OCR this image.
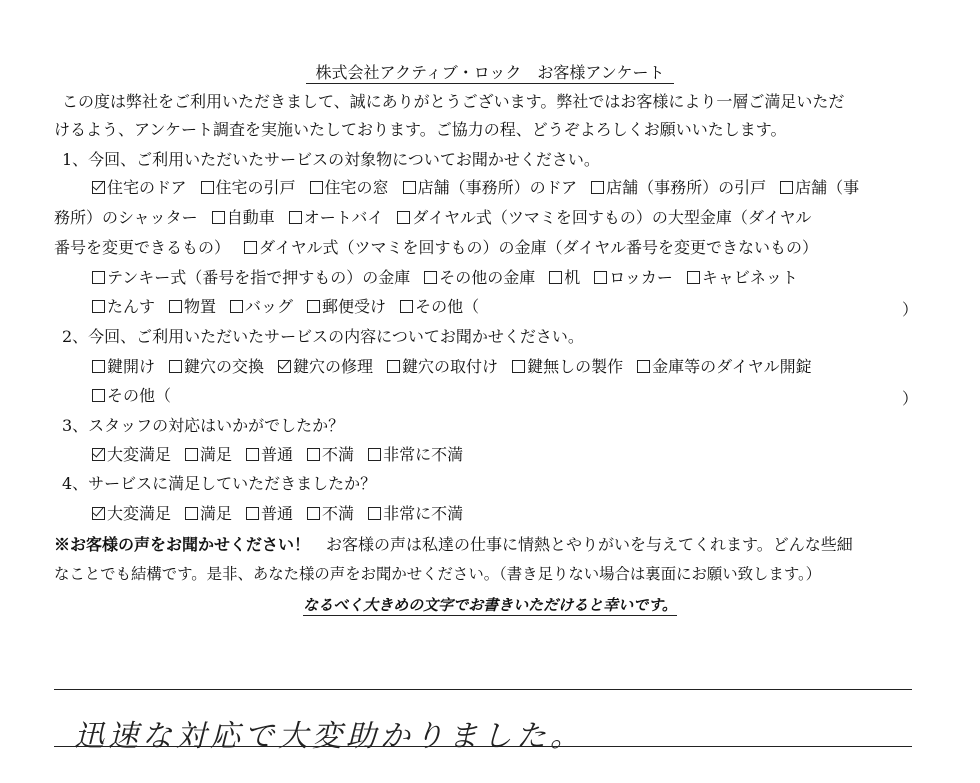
株式会社アクティブ・ロック　お客様アンケート
この度は弊社をご利用いただきまして、誠にありがとうございます。弊社ではお客様により一層ご満足いただ
けるよう、アンケート調査を実施いたしております。ご協力の程、どうぞよろしくお願いいたします。
1、今回、ご利用いただいたサービスの対象物についてお聞かせください。
住宅のドア 住宅の引戸 住宅の窓 店舗（事務所）のドア 店舗（事務所）の引戸 店舗（事
務所）のシャッター 自動車 オートバイ ダイヤル式（ツマミを回すもの）の大型金庫（ダイヤル
番号を変更できるもの） ダイヤル式（ツマミを回すもの）の金庫（ダイヤル番号を変更できないもの）
テンキー式（番号を指で押すもの）の金庫 その他の金庫 机 ロッカー キャビネット
たんす 物置 バッグ 郵便受け その他（	）
2、今回、ご利用いただいたサービスの内容についてお聞かせください。
鍵開け 鍵穴の交換 鍵穴の修理 鍵穴の取付け 鍵無しの製作 金庫等のダイヤル開錠
その他（	）
3、スタッフの対応はいかがでしたか？
大変満足 満足 普通 不満 非常に不満
4、サービスに満足していただきましたか？
大変満足 満足 普通 不満 非常に不満
※お客様の声をお聞かせください！　お客様の声は私達の仕事に情熱とやりがいを与えてくれます。どんな些細
なことでも結構です。是非、あなた様の声をお聞かせください。（書き足りない場合は裏面にお願い致します。）
なるべく大きめの文字でお書きいただけると幸いです。
迅速な対応で大変助かりました。
